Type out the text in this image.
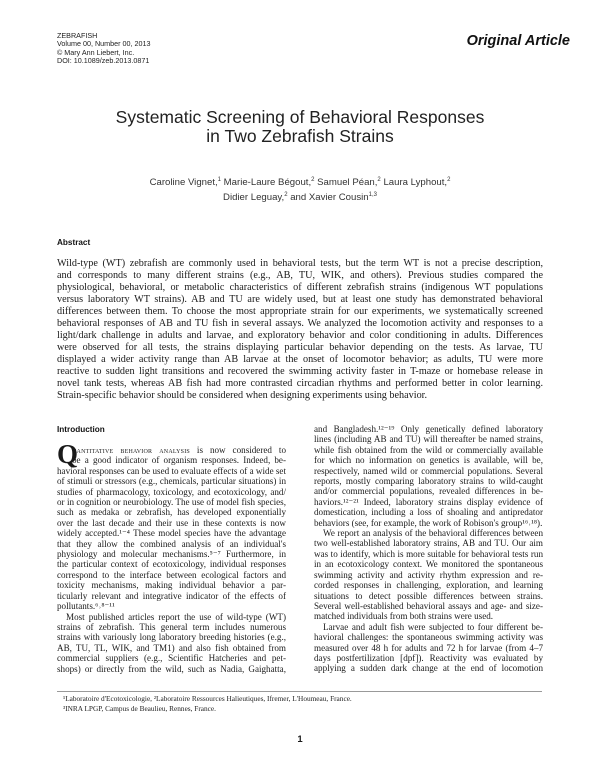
ZEBRAFISH
Volume 00, Number 00, 2013
© Mary Ann Liebert, Inc.
DOI: 10.1089/zeb.2013.0871
Original Article
Systematic Screening of Behavioral Responses
in Two Zebrafish Strains
Caroline Vignet,$^1$ Marie-Laure Bégout,$^2$ Samuel Péan,$^2$ Laura Lyphout,$^2$
Didier Leguay,$^2$ and Xavier Cousin$^{1,3}$
Abstract
Wild-type (WT) zebrafish are commonly used in behavioral tests, but the term WT is not a precise description,
and corresponds to many different strains (e.g., AB, TU, WIK, and others). Previous studies compared the
physiological, behavioral, or metabolic characteristics of different zebrafish strains (indigenous WT populations
versus laboratory WT strains). AB and TU are widely used, but at least one study has demonstrated behavioral
differences between them. To choose the most appropriate strain for our experiments, we systematically screened
behavioral responses of AB and TU fish in several assays. We analyzed the locomotion activity and responses to a
light/dark challenge in adults and larvae, and exploratory behavior and color conditioning in adults. Differences
were observed for all tests, the strains displaying particular behavior depending on the tests. As larvae, TU
displayed a wider activity range than AB larvae at the onset of locomotor behavior; as adults, TU were more
reactive to sudden light transitions and recovered the swimming activity faster in T-maze or homebase release in
novel tank tests, whereas AB fish had more contrasted circadian rhythms and performed better in color learning.
Strain-specific behavior should be considered when designing experiments using behavior.
Introduction
Q
uantitative behavior analysis is now considered to
be a good indicator of organism responses. Indeed, be-
havioral responses can be used to evaluate effects of a wide set
of stimuli or stressors (e.g., chemicals, particular situations) in
studies of pharmacology, toxicology, and ecotoxicology, and/
or in cognition or neurobiology. The use of model fish species,
such as medaka or zebrafish, has developed exponentially
over the last decade and their use in these contexts is now
widely accepted.¹⁻⁴ These model species have the advantage
that they allow the combined analysis of an individual's
physiology and molecular mechanisms.⁵⁻⁷ Furthermore, in
the particular context of ecotoxicology, individual responses
correspond to the interface between ecological factors and
toxicity mechanisms, making individual behavior a par-
ticularly relevant and integrative indicator of the effects of
pollutants.⁶˒⁸⁻¹¹
Most published articles report the use of wild-type (WT)
strains of zebrafish. This general term includes numerous
strains with variously long laboratory breeding histories (e.g.,
AB, TU, TL, WIK, and TM1) and also fish obtained from
commercial suppliers (e.g., Scientific Hatcheries and pet-
shops) or directly from the wild, such as Nadia, Gaighatta,
and Bangladesh.¹²⁻¹⁹ Only genetically defined laboratory
lines (including AB and TU) will thereafter be named strains,
while fish obtained from the wild or commercially available
for which no information on genetics is available, will be,
respectively, named wild or commercial populations. Several
reports, mostly comparing laboratory strains to wild-caught
and/or commercial populations, revealed differences in be-
haviors.¹²⁻²¹ Indeed, laboratory strains display evidence of
domestication, including a loss of shoaling and antipredator
behaviors (see, for example, the work of Robison's group¹⁶˒¹⁸).
We report an analysis of the behavioral differences between
two well-established laboratory strains, AB and TU. Our aim
was to identify, which is more suitable for behavioral tests run
in an ecotoxicology context. We monitored the spontaneous
swimming activity and activity rhythm expression and re-
corded responses in challenging, exploration, and learning
situations to detect possible differences between strains.
Several well-established behavioral assays and age- and size-
matched individuals from both strains were used.
Larvae and adult fish were subjected to four different be-
havioral challenges: the spontaneous swimming activity was
measured over 48 h for adults and 72 h for larvae (from 4–7
days postfertilization [dpf]). Reactivity was evaluated by
applying a sudden dark change at the end of locomotion
¹Laboratoire d'Ecotoxicologie, ²Laboratoire Ressources Halieutiques, Ifremer, L'Houmeau, France.
³INRA LPGP, Campus de Beaulieu, Rennes, France.
1
